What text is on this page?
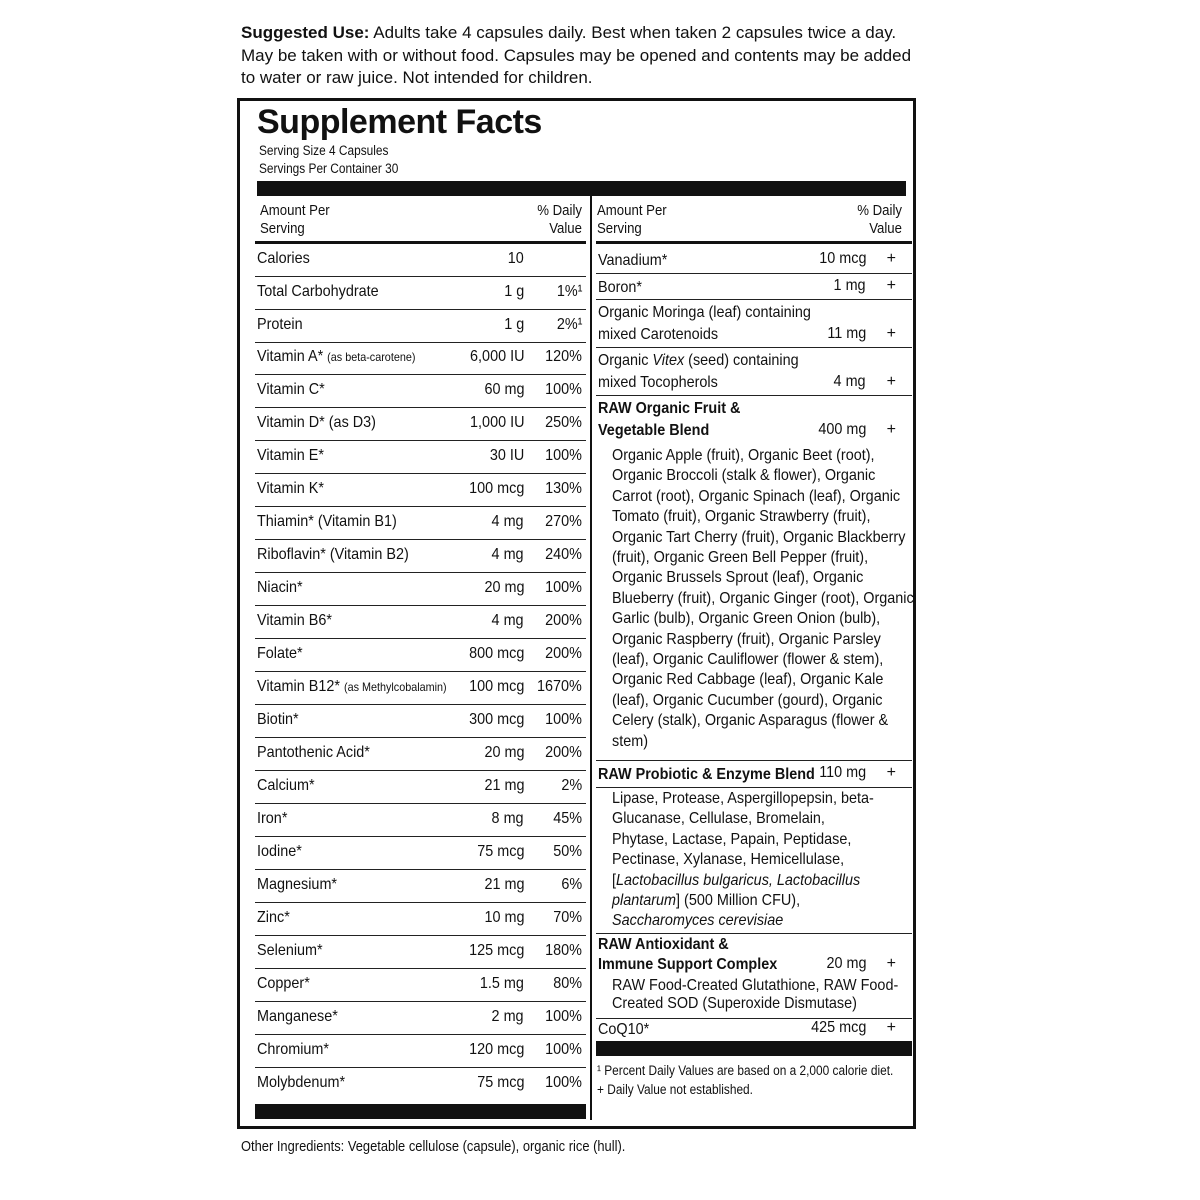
Suggested Use: Adults take 4 capsules daily. Best when taken 2 capsules twice a day. May be taken with or without food. Capsules may be opened and contents may be added to water or raw juice. Not intended for children.
Supplement Facts
Serving Size 4 Capsules
Servings Per Container 30
Amount Per Serving
% Daily Value
Amount Per Serving
% Daily Value
Calories	10
Total Carbohydrate	1 g 1%¹
Protein	1 g 2%¹
Vitamin A* (as beta-carotene)	6,000 IU 120%
Vitamin C*	60 mg 100%
Vitamin D* (as D3)	1,000 IU 250%
Vitamin E*	30 IU 100%
Vitamin K*	100 mcg 130%
Thiamin* (Vitamin B1)	4 mg 270%
Riboflavin* (Vitamin B2)	4 mg 240%
Niacin*	20 mg 100%
Vitamin B6*	4 mg 200%
Folate*	800 mcg 200%
Vitamin B12* (as Methylcobalamin) 100 mcg 1670%
Biotin*	300 mcg 100%
Pantothenic Acid*	20 mg 200%
Calcium*	21 mg 2%
Iron*	8 mg 45%
Iodine*	75 mcg 50%
Magnesium*	21 mg 6%
Zinc*	10 mg 70%
Selenium*	125 mcg 180%
Copper*	1.5 mg 80%
Manganese*	2 mg 100%
Chromium*	120 mcg 100%
Molybdenum*	75 mcg 100%
Vanadium*	10 mcg +
Boron*	1 mg +
Organic Moringa (leaf) containing
mixed Carotenoids	11 mg +
Organic Vitex (seed) containing
mixed Tocopherols	4 mg +
RAW Organic Fruit &
Vegetable Blend	400 mg +
Organic Apple (fruit), Organic Beet (root), Organic Broccoli (stalk & flower), Organic Carrot (root), Organic Spinach (leaf), Organic Tomato (fruit), Organic Strawberry (fruit), Organic Tart Cherry (fruit), Organic Blackberry (fruit), Organic Green Bell Pepper (fruit), Organic Brussels Sprout (leaf), Organic Blueberry (fruit), Organic Ginger (root), Organic Garlic (bulb), Organic Green Onion (bulb), Organic Raspberry (fruit), Organic Parsley (leaf), Organic Cauliflower (flower & stem), Organic Red Cabbage (leaf), Organic Kale (leaf), Organic Cucumber (gourd), Organic Celery (stalk), Organic Asparagus (flower & stem)
RAW Probiotic & Enzyme Blend 110 mg +
Lipase, Protease, Aspergillopepsin, beta-Glucanase, Cellulase, Bromelain, Phytase, Lactase, Papain, Peptidase, Pectinase, Xylanase, Hemicellulase, [Lactobacillus bulgaricus, Lactobacillus plantarum] (500 Million CFU),
Saccharomyces cerevisiae
RAW Antioxidant &
Immune Support Complex	20 mg +
RAW Food-Created Glutathione, RAW Food-Created SOD (Superoxide Dismutase)
CoQ10*	425 mcg +
¹ Percent Daily Values are based on a 2,000 calorie diet.
+ Daily Value not established.
Other Ingredients: Vegetable cellulose (capsule), organic rice (hull).
